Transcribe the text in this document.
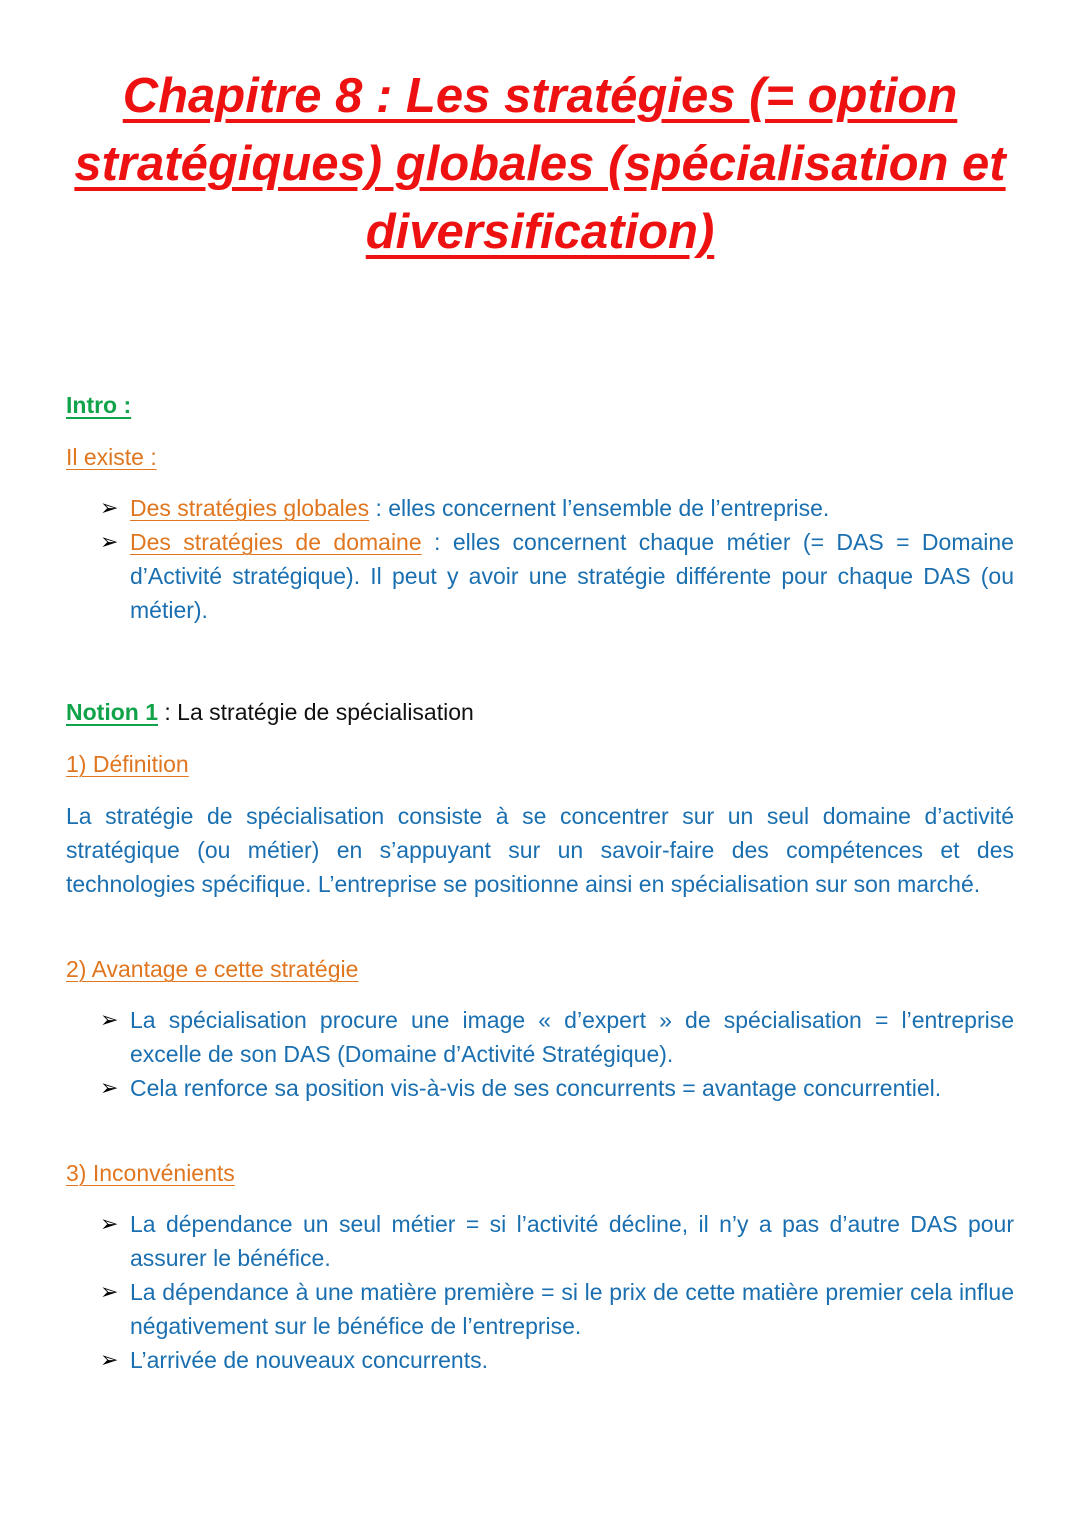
Chapitre 8 : Les stratégies (= option stratégiques) globales (spécialisation et diversification)
Intro :
Il existe :
➢ Des stratégies globales : elles concernent l’ensemble de l’entreprise.
➢ Des stratégies de domaine : elles concernent chaque métier (= DAS = Domaine d’Activité stratégique). Il peut y avoir une stratégie différente pour chaque DAS (ou métier).
Notion 1 : La stratégie de spécialisation
1) Définition
La stratégie de spécialisation consiste à se concentrer sur un seul domaine d’activité stratégique (ou métier) en s’appuyant sur un savoir-faire des compétences et des technologies spécifique. L’entreprise se positionne ainsi en spécialisation sur son marché.
2) Avantage e cette stratégie
➢ La spécialisation procure une image « d’expert » de spécialisation = l’entreprise excelle de son DAS (Domaine d’Activité Stratégique).
➢ Cela renforce sa position vis-à-vis de ses concurrents = avantage concurrentiel.
3) Inconvénients
➢ La dépendance un seul métier = si l’activité décline, il n’y a pas d’autre DAS pour assurer le bénéfice.
➢ La dépendance à une matière première = si le prix de cette matière premier cela influe négativement sur le bénéfice de l’entreprise.
➢ L’arrivée de nouveaux concurrents.
